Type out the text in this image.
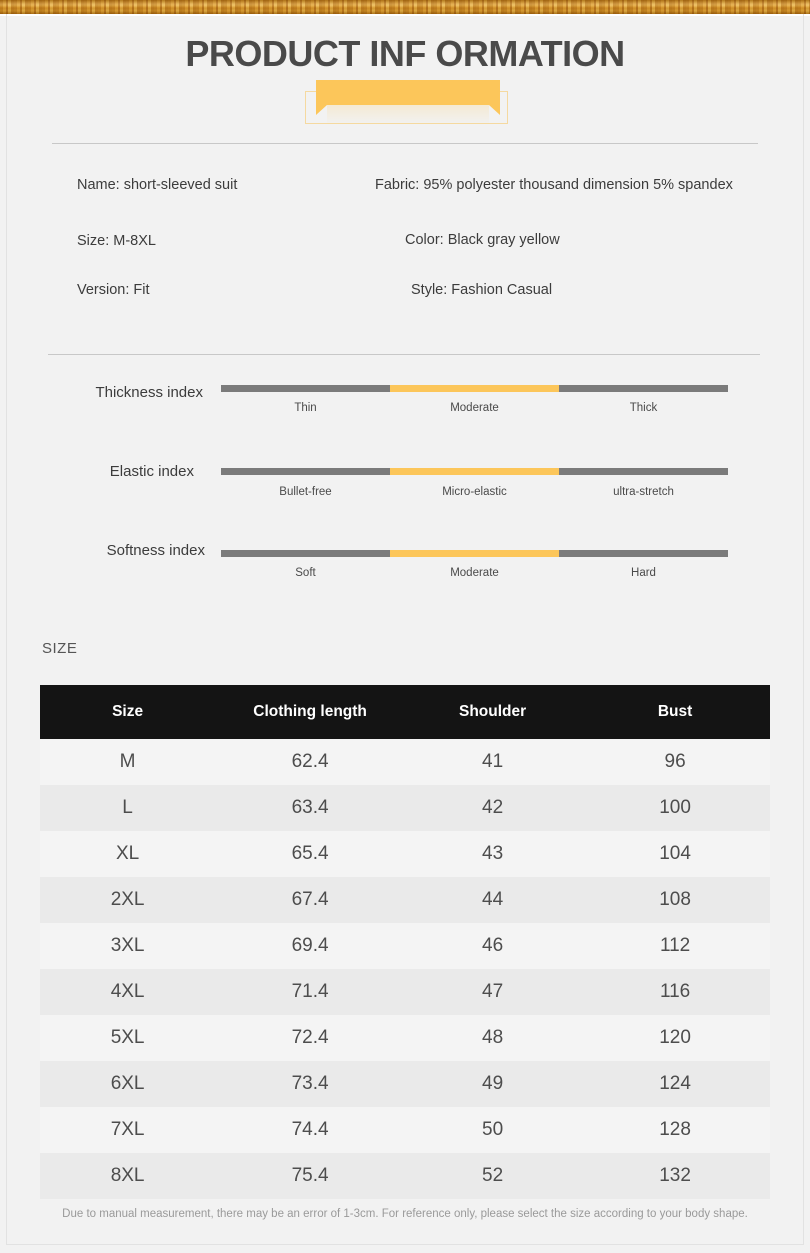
PRODUCT INF ORMATION
Name: short-sleeved suit	Fabric: 95% polyester thousand dimension 5% spandex
Size: M-8XL	Color: Black gray yellow
Version: Fit	Style: Fashion Casual
Thickness index
Thin	Moderate	Thick
Elastic index
Bullet-free	Micro-elastic	ultra-stretch
Softness index
Soft	Moderate	Hard
SIZE
Size	Clothing length	Shoulder	Bust
M	62.4	41	96
L	63.4	42	100
XL	65.4	43	104
2XL	67.4	44	108
3XL	69.4	46	112
4XL	71.4	47	116
5XL	72.4	48	120
6XL	73.4	49	124
7XL	74.4	50	128
8XL	75.4	52	132
Due to manual measurement, there may be an error of 1-3cm. For reference only, please select the size according to your body shape.
